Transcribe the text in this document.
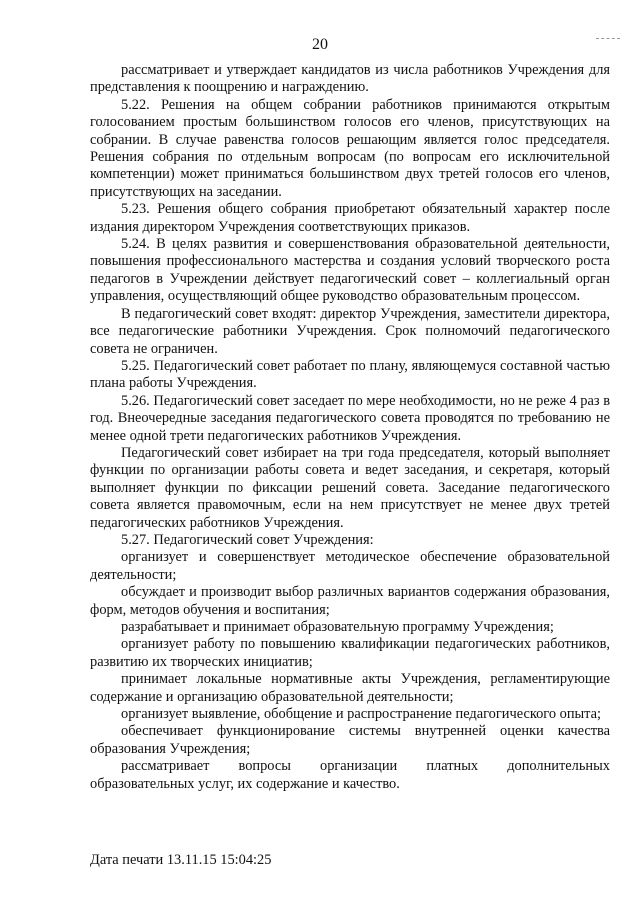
20

рассматривает и утверждает кандидатов из числа работников Учреждения для представления к поощрению и награждению.

5.22. Решения на общем собрании работников принимаются открытым голосованием простым большинством голосов его членов, присутствующих на собрании. В случае равенства голосов решающим является голос председателя. Решения собрания по отдельным вопросам (по вопросам его исключительной компетенции) может приниматься большинством двух третей голосов его членов, присутствующих на заседании.

5.23. Решения общего собрания приобретают обязательный характер после издания директором Учреждения соответствующих приказов.

5.24. В целях развития и совершенствования образовательной деятельности, повышения профессионального мастерства и создания условий творческого роста педагогов в Учреждении действует педагогический совет – коллегиальный орган управления, осуществляющий общее руководство образовательным процессом.

В педагогический совет входят: директор Учреждения, заместители директора, все педагогические работники Учреждения. Срок полномочий педагогического совета не ограничен.

5.25. Педагогический совет работает по плану, являющемуся составной частью плана работы Учреждения.

5.26. Педагогический совет заседает по мере необходимости, но не реже 4 раз в год. Внеочередные заседания педагогического совета проводятся по требованию не менее одной трети педагогических работников Учреждения.

Педагогический совет избирает на три года председателя, который выполняет функции по организации работы совета и ведет заседания, и секретаря, который выполняет функции по фиксации решений совета. Заседание педагогического совета является правомочным, если на нем присутствует не менее двух третей педагогических работников Учреждения.

5.27. Педагогический совет Учреждения:

организует и совершенствует методическое обеспечение образовательной деятельности;

обсуждает и производит выбор различных вариантов содержания образования, форм, методов обучения и воспитания;

разрабатывает и принимает образовательную программу Учреждения;

организует работу по повышению квалификации педагогических работников, развитию их творческих инициатив;

принимает локальные нормативные акты Учреждения, регламентирующие содержание и организацию образовательной деятельности;

организует выявление, обобщение и распространение педагогического опыта;

обеспечивает функционирование системы внутренней оценки качества образования Учреждения;

рассматривает вопросы организации платных дополнительных образовательных услуг, их содержание и качество.

Дата печати 13.11.15 15:04:25
